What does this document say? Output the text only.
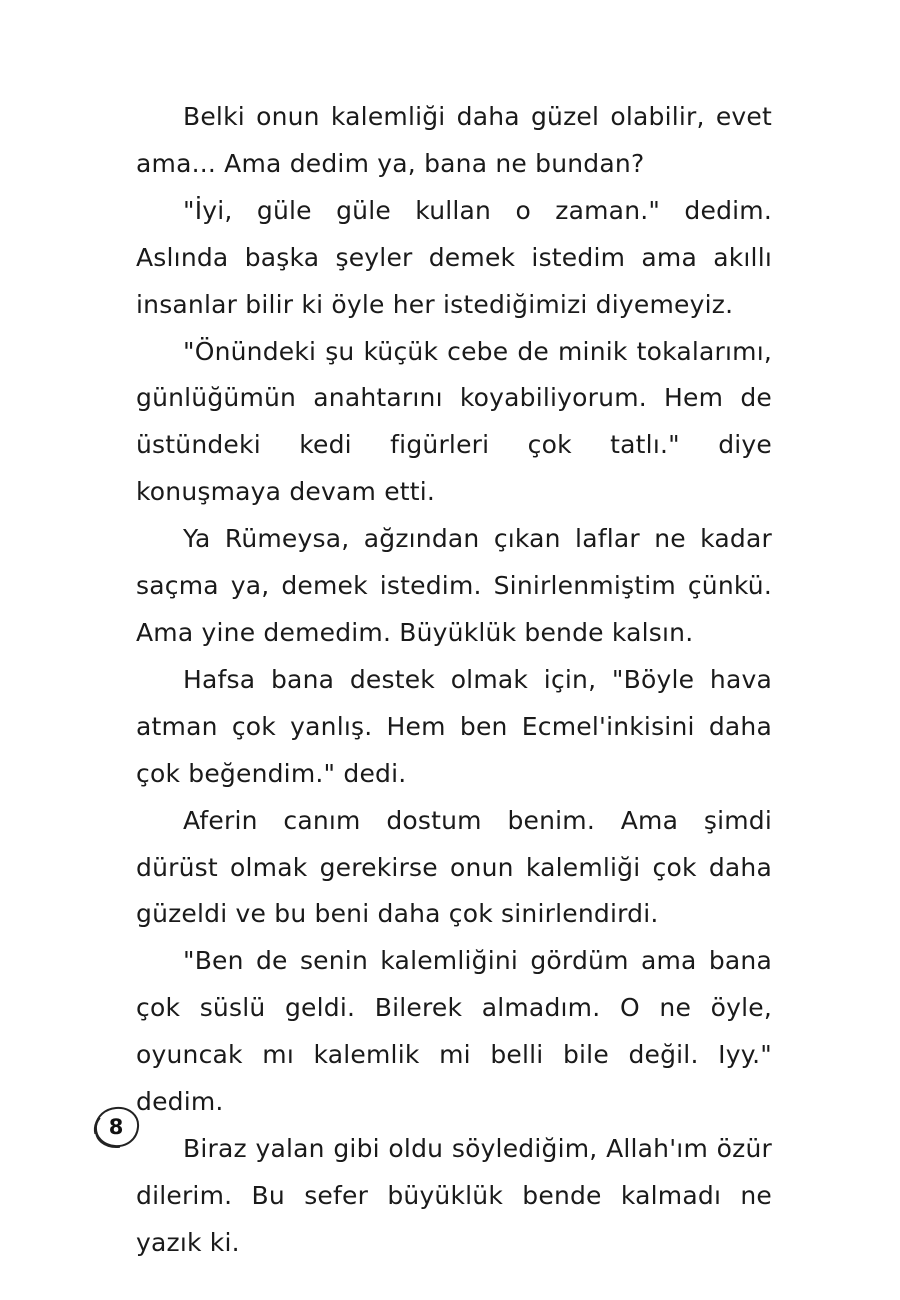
Belki onun kalemliği daha güzel olabilir, evet ama... Ama dedim ya, bana ne bundan?

"İyi, güle güle kullan o zaman." dedim. Aslında başka şeyler demek istedim ama akıllı insanlar bilir ki öyle her istediğimizi diyemeyiz.

"Önündeki şu küçük cebe de minik tokalarımı, günlüğümün anahtarını koyabiliyorum. Hem de üstündeki kedi figürleri çok tatlı." diye konuşmaya devam etti.

Ya Rümeysa, ağzından çıkan laflar ne kadar saçma ya, demek istedim. Sinirlenmiştim çünkü. Ama yine demedim. Büyüklük bende kalsın.

Hafsa bana destek olmak için, "Böyle hava atman çok yanlış. Hem ben Ecmel'inkisini daha çok beğendim." dedi.

Aferin canım dostum benim. Ama şimdi dürüst olmak gerekirse onun kalemliği çok daha güzeldi ve bu beni daha çok sinirlendirdi.

"Ben de senin kalemliğini gördüm ama bana çok süslü geldi. Bilerek almadım. O ne öyle, oyuncak mı kalemlik mi belli bile değil. Iyy." dedim.

Biraz yalan gibi oldu söylediğim, Allah'ım özür dilerim. Bu sefer büyüklük bende kalmadı ne yazık ki.

8
